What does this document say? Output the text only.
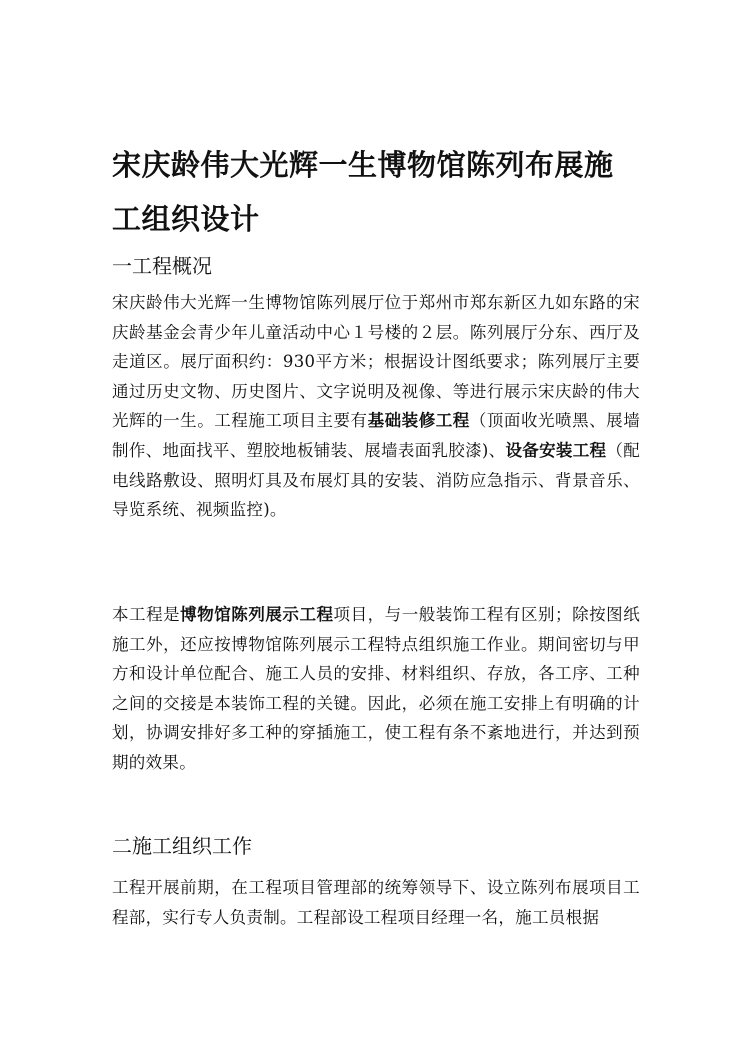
宋庆龄伟大光辉一生博物馆陈列布展施工组织设计
一工程概况

宋庆龄伟大光辉一生博物馆陈列展厅位于郑州市郑东新区九如东路的宋庆龄基金会青少年儿童活动中心１号楼的２层。陈列展厅分东、西厅及走道区。展厅面积约：930平方米；根据设计图纸要求；陈列展厅主要通过历史文物、历史图片、文字说明及视像、等进行展示宋庆龄的伟大光辉的一生。工程施工项目主要有基础装修工程（顶面收光喷黑、展墙制作、地面找平、塑胶地板铺装、展墙表面乳胶漆)、设备安装工程（配电线路敷设、照明灯具及布展灯具的安装、消防应急指示、背景音乐、导览系统、视频监控)。

本工程是博物馆陈列展示工程项目，与一般装饰工程有区别；除按图纸施工外，还应按博物馆陈列展示工程特点组织施工作业。期间密切与甲方和设计单位配合、施工人员的安排、材料组织、存放，各工序、工种之间的交接是本装饰工程的关键。因此，必须在施工安排上有明确的计划，协调安排好多工种的穿插施工，使工程有条不紊地进行，并达到预期的效果。

二施工组织工作

工程开展前期，在工程项目管理部的统筹领导下、设立陈列布展项目工程部，实行专人负责制。工程部设工程项目经理一名，施工员根据
